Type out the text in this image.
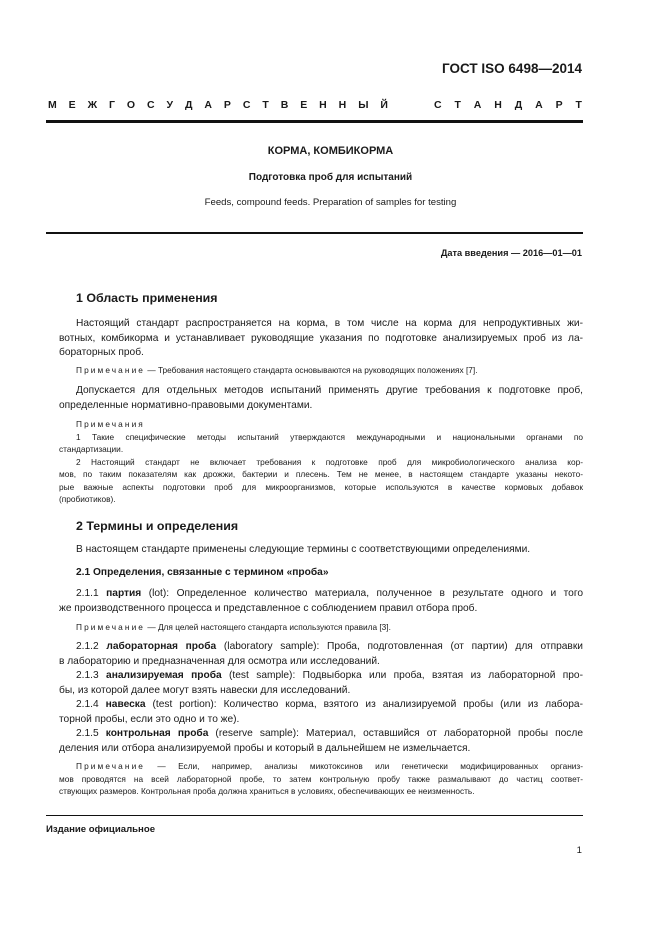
ГОСТ ISO 6498—2014
М Е Ж Г О С У Д А Р С Т В Е Н Н Ы Й	С Т А Н Д А Р Т
КОРМА, КОМБИКОРМА
Подготовка проб для испытаний
Feeds, compound feeds. Preparation of samples for testing
Дата введения — 2016—01—01
1 Область применения
Настоящий стандарт распространяется на корма, в том числе на корма для непродуктивных жи-
вотных, комбикорма и устанавливает руководящие указания по подготовке анализируемых проб из ла-
бораторных проб.
Примечание — Требования настоящего стандарта основываются на руководящих положениях [7].
Допускается для отдельных методов испытаний применять другие требования к подготовке проб,
определенные нормативно-правовыми документами.
Примечания
1 Такие специфические методы испытаний утверждаются международными и национальными органами по
стандартизации.
2 Настоящий стандарт не включает требования к подготовке проб для микробиологического анализа кор-
мов, по таким показателям как дрожжи, бактерии и плесень. Тем не менее, в настоящем стандарте указаны некото-
рые важные аспекты подготовки проб для микроорганизмов, которые используются в качестве кормовых добавок
(пробиотиков).
2 Термины и определения
В настоящем стандарте применены следующие термины с соответствующими определениями.
2.1 Определения, связанные с термином «проба»
2.1.1 партия (lot): Определенное количество материала, полученное в результате одного и того
же производственного процесса и представленное с соблюдением правил отбора проб.
Примечание — Для целей настоящего стандарта используются правила [3].
2.1.2 лабораторная проба (laboratory sample): Проба, подготовленная (от партии) для отправки
в лабораторию и предназначенная для осмотра или исследований.
2.1.3 анализируемая проба (test sample): Подвыборка или проба, взятая из лабораторной про-
бы, из которой далее могут взять навески для исследований.
2.1.4 навеска (test portion): Количество корма, взятого из анализируемой пробы (или из лабора-
торной пробы, если это одно и то же).
2.1.5 контрольная проба (reserve sample): Материал, оставшийся от лабораторной пробы после
деления или отбора анализируемой пробы и который в дальнейшем не измельчается.
Примечание — Если, например, анализы микотоксинов или генетически модифицированных организ-
мов проводятся на всей лабораторной пробе, то затем контрольную пробу также размалывают до частиц соответ-
ствующих размеров. Контрольная проба должна храниться в условиях, обеспечивающих ее неизменность.
Издание официальное
1
